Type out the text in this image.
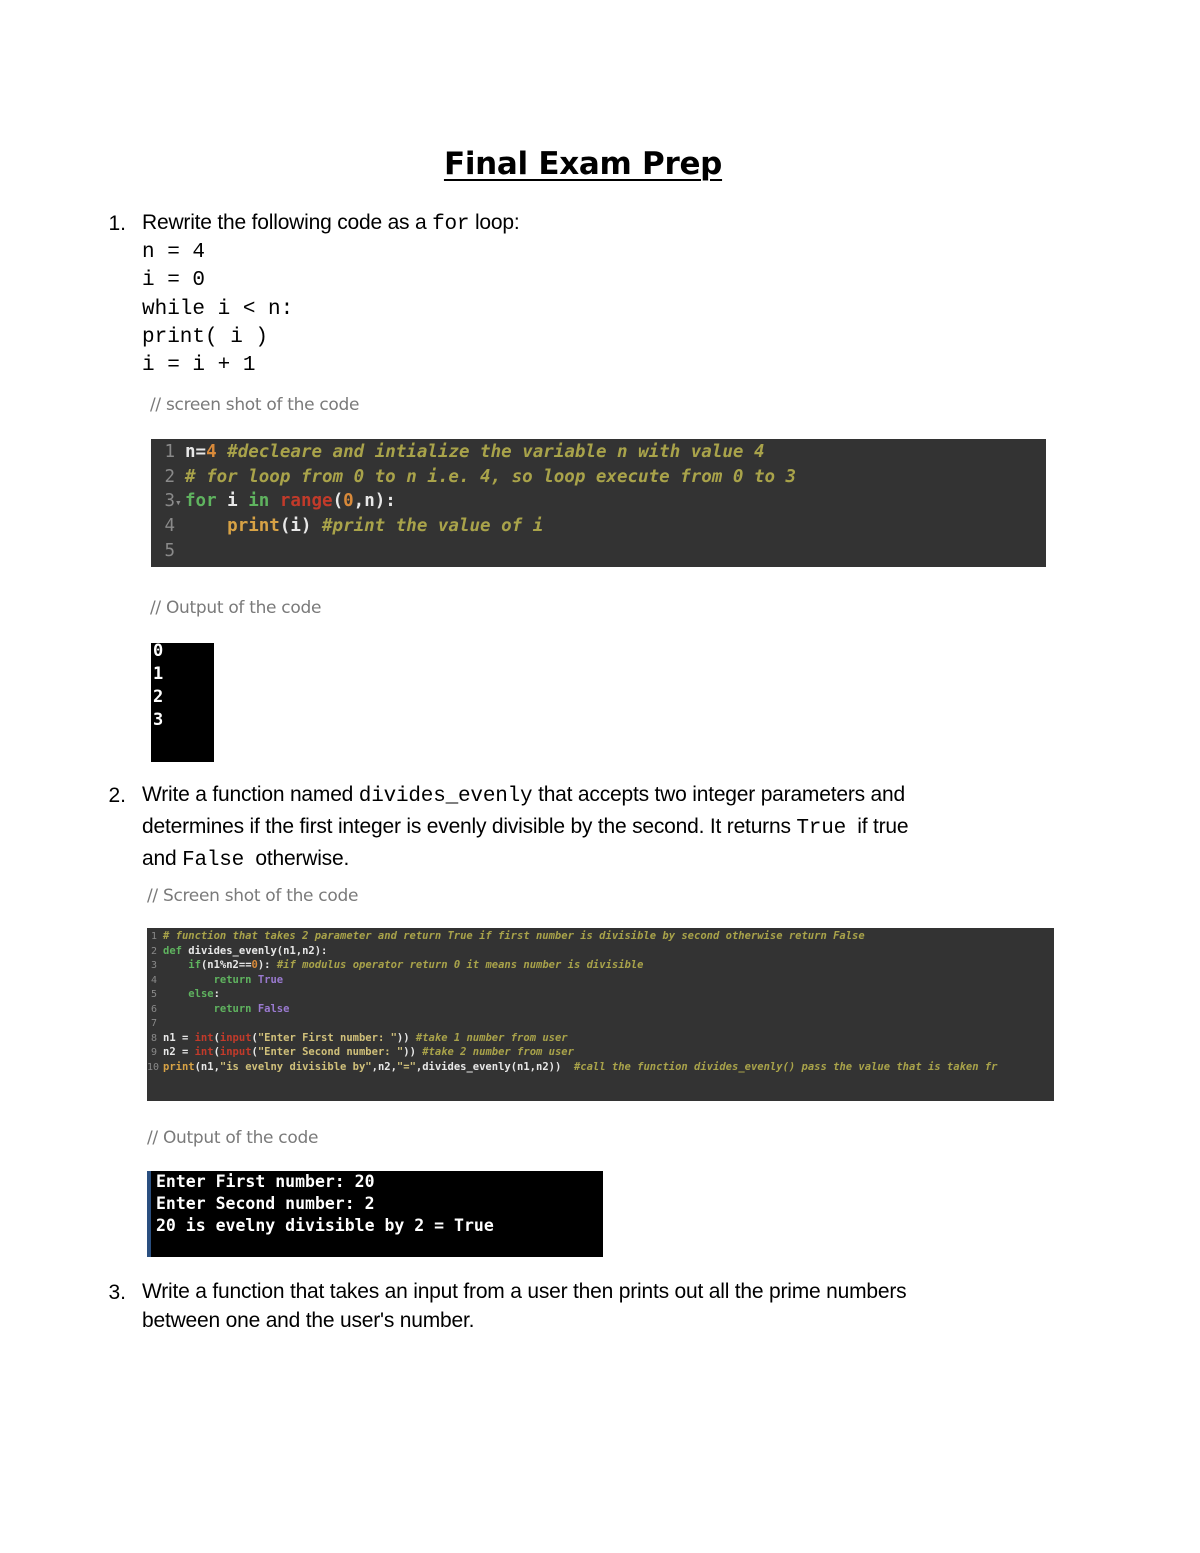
Final Exam Prep
1. Rewrite the following code as a for loop:
n = 4
i = 0
while i < n:
print( i )
i = i + 1
// screen shot of the code
1 n=4 #decleare and intialize the variable n with value 4
2 # for loop from 0 to n i.e. 4, so loop execute from 0 to 3
3▾ for i in range(0,n):
4	print(i) #print the value of i
5
// Output of the code
0
1
2
3
2. Write a function named divides_evenly that accepts two integer parameters and
determines if the first integer is evenly divisible by the second. It returns True  if true
and False  otherwise.
// Screen shot of the code
1 # function that takes 2 parameter and return True if first number is divisible by second otherwise return False
2 def divides_evenly(n1,n2):
3	if(n1%n2==0): #if modulus operator return 0 it means number is divisible
4	return True
5	else:
6	return False
7
8 n1 = int(input("Enter First number: ")) #take 1 number from user
9 n2 = int(input("Enter Second number: ")) #take 2 number from user
10 print(n1,"is evelny divisible by",n2,"=",divides_evenly(n1,n2)) #call the function divides_evenly() pass the value that is taken fr
// Output of the code
Enter First number: 20
Enter Second number: 2
20 is evelny divisible by 2 = True
3. Write a function that takes an input from a user then prints out all the prime numbers
between one and the user's number.
